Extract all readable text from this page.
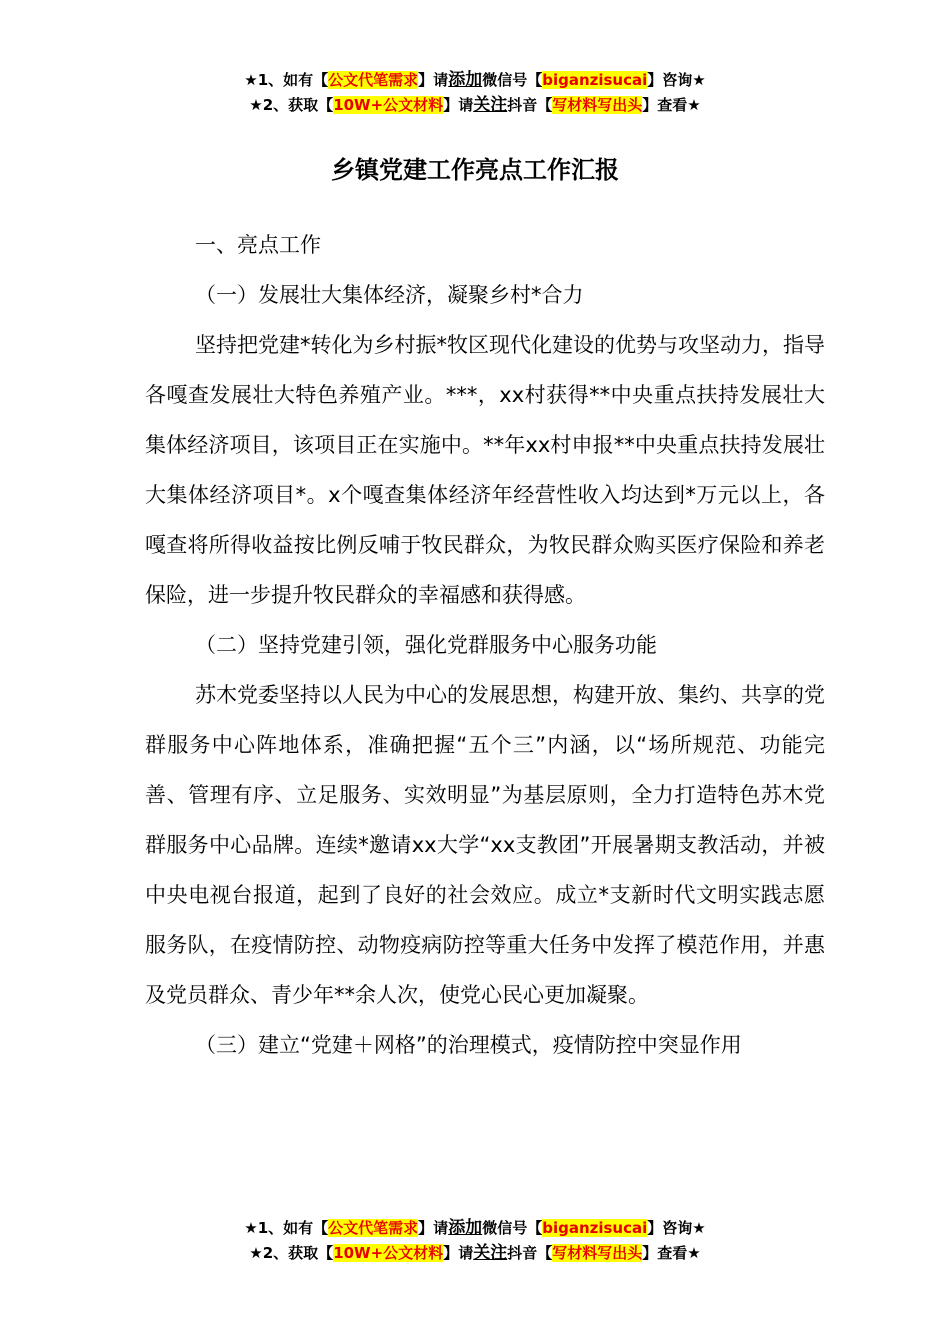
★1、如有【公文代笔需求】请添加微信号【biganzisucai】咨询★
★2、获取【10W+公文材料】请关注抖音【写材料写出头】查看★
乡镇党建工作亮点工作汇报

一、亮点工作

（一）发展壮大集体经济，凝聚乡村*合力

坚持把党建*转化为乡村振*牧区现代化建设的优势与攻坚动力，指导各嘎查发展壮大特色养殖产业。***，xx村获得**中央重点扶持发展壮大集体经济项目，该项目正在实施中。**年xx村申报**中央重点扶持发展壮大集体经济项目*。x个嘎查集体经济年经营性收入均达到*万元以上，各嘎查将所得收益按比例反哺于牧民群众，为牧民群众购买医疗保险和养老保险，进一步提升牧民群众的幸福感和获得感。

（二）坚持党建引领，强化党群服务中心服务功能

苏木党委坚持以人民为中心的发展思想，构建开放、集约、共享的党群服务中心阵地体系，准确把握“五个三”内涵，以“场所规范、功能完善、管理有序、立足服务、实效明显”为基层原则，全力打造特色苏木党群服务中心品牌。连续*邀请xx大学“xx支教团”开展暑期支教活动，并被中央电视台报道，起到了良好的社会效应。成立*支新时代文明实践志愿服务队，在疫情防控、动物疫病防控等重大任务中发挥了模范作用，并惠及党员群众、青少年**余人次，使党心民心更加凝聚。

（三）建立“党建＋网格”的治理模式，疫情防控中突显作用

★1、如有【公文代笔需求】请添加微信号【biganzisucai】咨询★
★2、获取【10W+公文材料】请关注抖音【写材料写出头】查看★
